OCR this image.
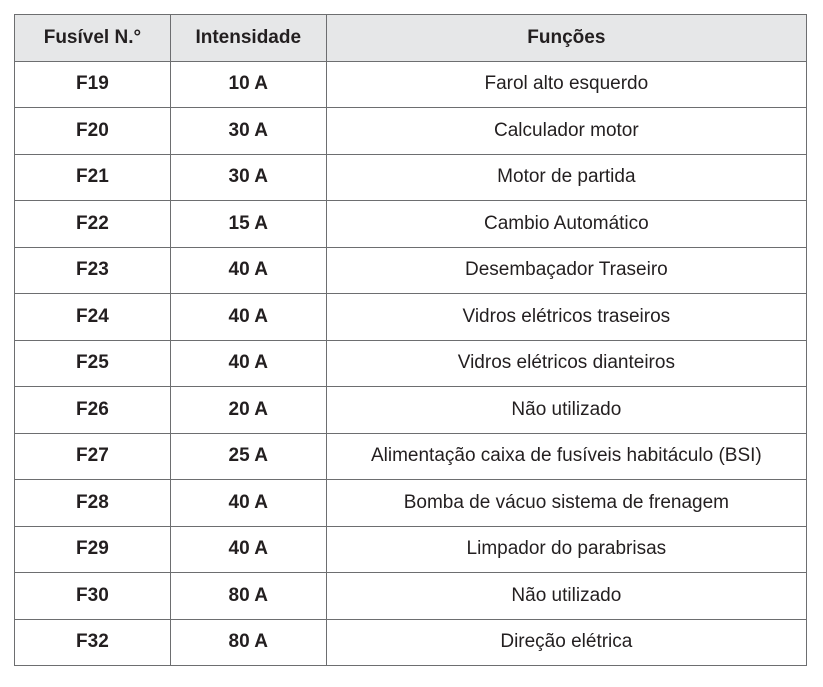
Fusível N.°	Intensidade	Funções
F19	10 A	Farol alto esquerdo
F20	30 A	Calculador motor
F21	30 A	Motor de partida
F22	15 A	Cambio Automático
F23	40 A	Desembaçador Traseiro
F24	40 A	Vidros elétricos traseiros
F25	40 A	Vidros elétricos dianteiros
F26	20 A	Não utilizado
F27	25 A	Alimentação caixa de fusíveis habitáculo (BSI)
F28	40 A	Bomba de vácuo sistema de frenagem
F29	40 A	Limpador do parabrisas
F30	80 A	Não utilizado
F32	80 A	Direção elétrica
